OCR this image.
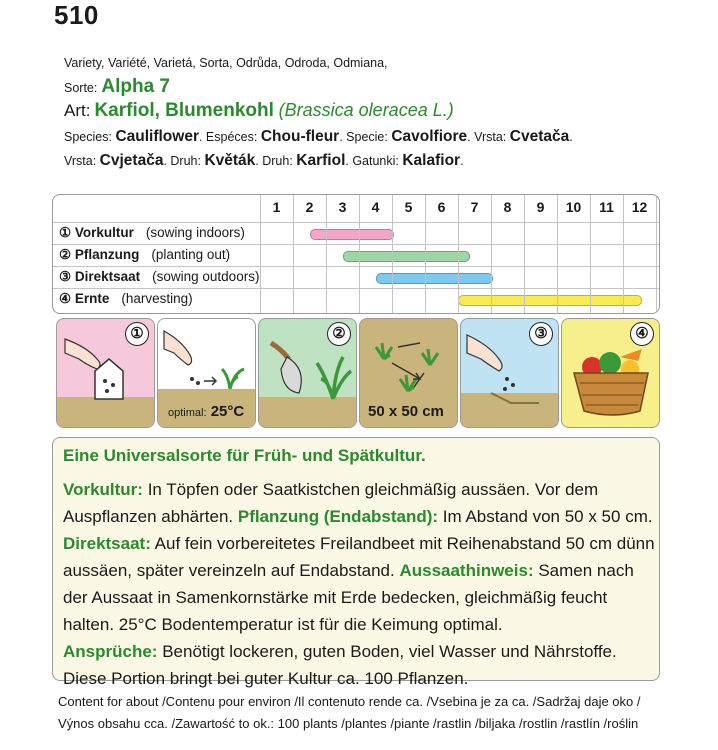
510
Variety, Variété, Varietá, Sorta, Odrůda, Odroda, Odmiana,
Sorte: Alpha 7
Art: Karfiol, Blumenkohl (Brassica oleracea L.)
Species: Cauliflower. Espéces: Chou-fleur. Specie: Cavolfiore. Vrsta: Cvetača.
Vrsta: Cvjetača. Druh: Květák. Druh: Karfiol. Gatunki: Kalafior.
1	2	3	4	5	6	7	8	9	10	11	12
① Vorkultur (sowing indoors)
② Pflanzung (planting out)
③ Direktsaat (sowing outdoors)
④ Ernte (harvesting)
①
optimal: 25°C
②
50 x 50 cm
③	④
Eine Universalsorte für Früh- und Spätkultur.
Vorkultur: In Töpfen oder Saatkistchen gleichmäßig aussäen. Vor dem Auspflanzen abhärten. Pflanzung (Endabstand): Im Abstand von 50 x 50 cm.
Direktsaat: Auf fein vorbereitetes Freilandbeet mit Reihenabstand 50 cm dünn aussäen, später vereinzeln auf Endabstand. Aussaathinweis: Samen nach der Aussaat in Samenkornstärke mit Erde bedecken, gleichmäßig feucht halten. 25°C Bodentemperatur ist für die Keimung optimal.
Ansprüche: Benötigt lockeren, guten Boden, viel Wasser und Nährstoffe. Diese Portion bringt bei guter Kultur ca. 100 Pflanzen.
Content for about /Contenu pour environ /Il contenuto rende ca. /Vsebina je za ca. /Sadržaj daje oko /
Výnos obsahu cca. /Zawartość to ok.: 100 plants /plantes /piante /rastlin /biljaka /rostlin /rastlín /roślin
